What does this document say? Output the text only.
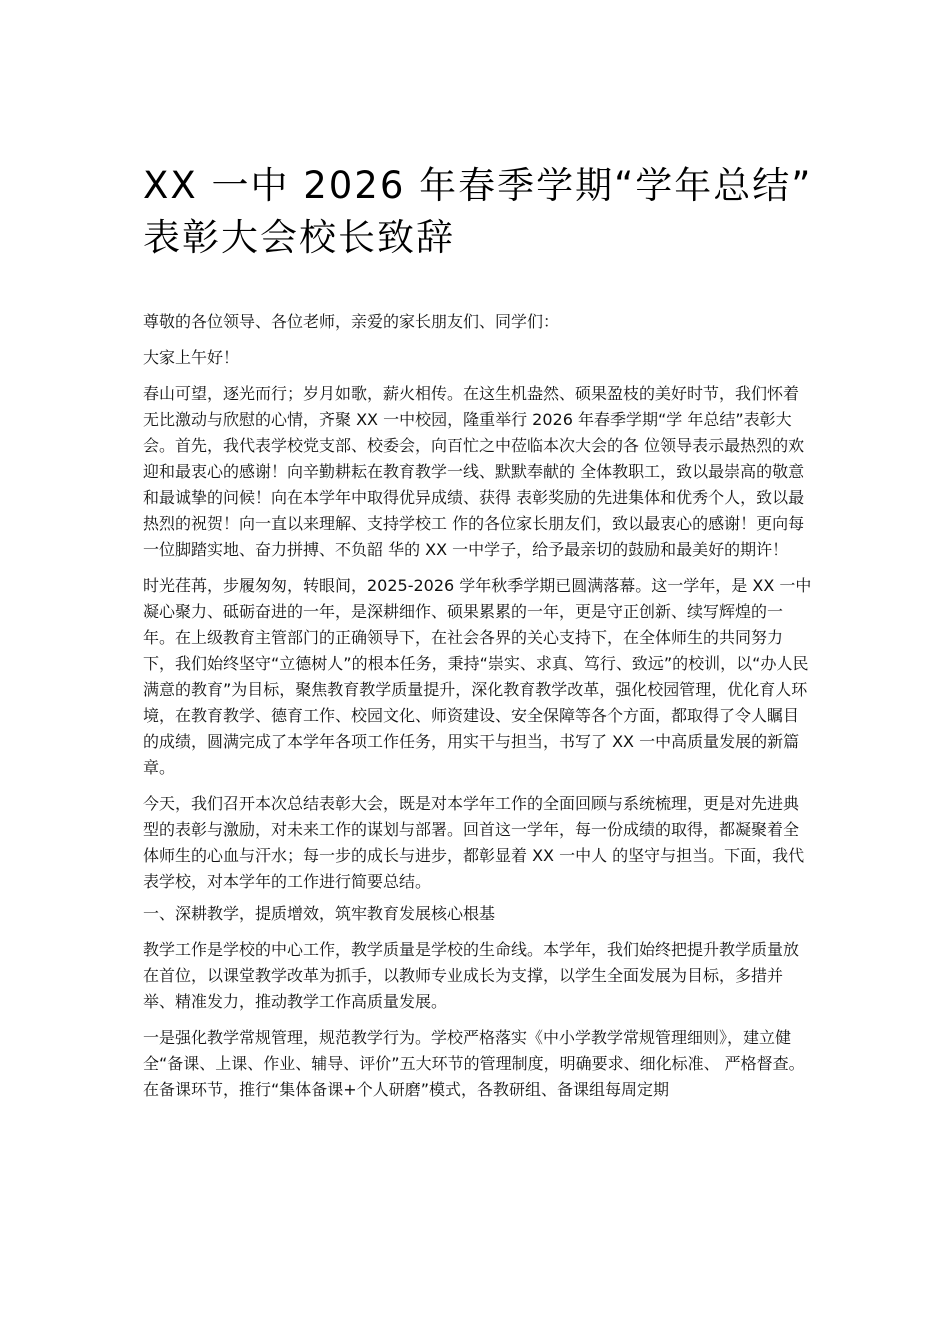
XX 一中 2026 年春季学期“学年总结” 表彰大会校长致辞

尊敬的各位领导、各位老师，亲爱的家长朋友们、同学们：

大家上午好！

春山可望，逐光而行；岁月如歌，薪火相传。在这生机盎然、硕果盈枝的美好时节，我们怀着无比激动与欣慰的心情，齐聚 XX 一中校园，隆重举行 2026 年春季学期“学 年总结”表彰大会。首先，我代表学校党支部、校委会，向百忙之中莅临本次大会的各 位领导表示最热烈的欢迎和最衷心的感谢！向辛勤耕耘在教育教学一线、默默奉献的 全体教职工，致以最崇高的敬意和最诚挚的问候！向在本学年中取得优异成绩、获得 表彰奖励的先进集体和优秀个人，致以最热烈的祝贺！向一直以来理解、支持学校工 作的各位家长朋友们，致以最衷心的感谢！更向每一位脚踏实地、奋力拼搏、不负韶 华的 XX 一中学子，给予最亲切的鼓励和最美好的期许！

时光荏苒，步履匆匆，转眼间，2025-2026 学年秋季学期已圆满落幕。这一学年，是 XX 一中凝心聚力、砥砺奋进的一年，是深耕细作、硕果累累的一年，更是守正创新、续写辉煌的一年。在上级教育主管部门的正确领导下，在社会各界的关心支持下，在全体师生的共同努力下，我们始终坚守“立德树人”的根本任务，秉持“崇实、求真、笃行、致远”的校训，以“办人民满意的教育”为目标，聚焦教育教学质量提升，深化教育教学改革，强化校园管理，优化育人环境，在教育教学、德育工作、校园文化、师资建设、安全保障等各个方面，都取得了令人瞩目的成绩，圆满完成了本学年各项工作任务，用实干与担当，书写了 XX 一中高质量发展的新篇章。

今天，我们召开本次总结表彰大会，既是对本学年工作的全面回顾与系统梳理，更是对先进典型的表彰与激励，对未来工作的谋划与部署。回首这一学年，每一份成绩的取得，都凝聚着全体师生的心血与汗水；每一步的成长与进步，都彰显着 XX 一中人 的坚守与担当。下面，我代表学校，对本学年的工作进行简要总结。

一、深耕教学，提质增效，筑牢教育发展核心根基

教学工作是学校的中心工作，教学质量是学校的生命线。本学年，我们始终把提升教学质量放在首位，以课堂教学改革为抓手，以教师专业成长为支撑，以学生全面发展为目标，多措并举、精准发力，推动教学工作高质量发展。

一是强化教学常规管理，规范教学行为。学校严格落实《中小学教学常规管理细则》，建立健全“备课、上课、作业、辅导、评价”五大环节的管理制度，明确要求、细化标准、 严格督查。在备课环节，推行“集体备课+个人研磨”模式，各教研组、备课组每周定期
